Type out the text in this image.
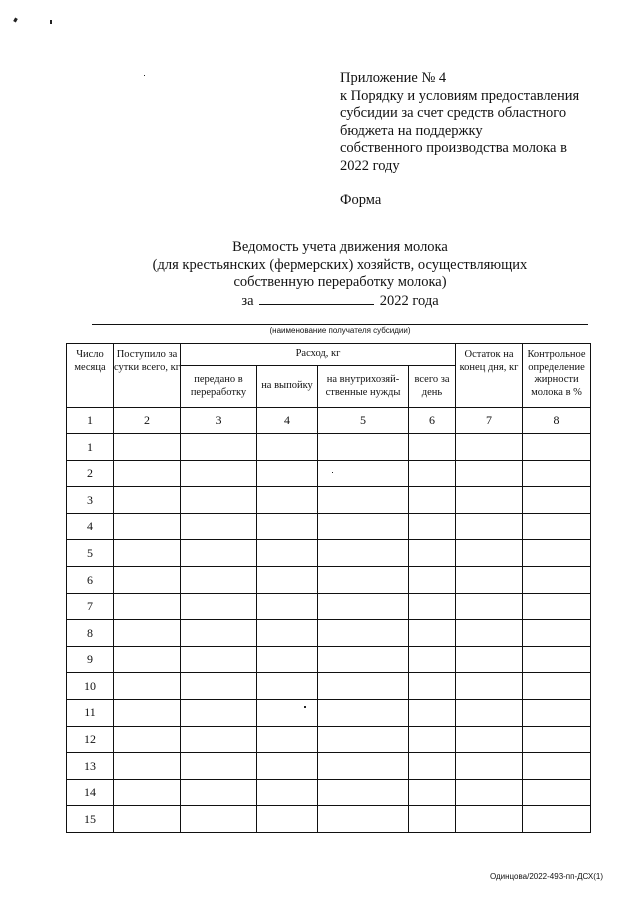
Приложение № 4
к Порядку и условиям предоставления
субсидии за счет средств областного
бюджета на поддержку
собственного производства молока в
2022 году
Форма
Ведомость учета движения молока
(для крестьянских (фермерских) хозяйств, осуществляющих
собственную переработку молока)
за	2022 года
(наименование получателя субсидии)
Число месяца	Поступило за сутки всего, кг	Расход, кг				Остаток на конец дня, кг	Контрольное определение жирности молока в %
		передано в переработку	на выпойку	на внутрихозяй-ственные нужды	всего за день		
1	2	3	4	5	6	7	8
1							
2							
3							
4							
5							
6							
7							
8							
9							
10							
11							
12							
13							
14							
15							
Одинцова/2022-493-пп-ДСХ(1)
